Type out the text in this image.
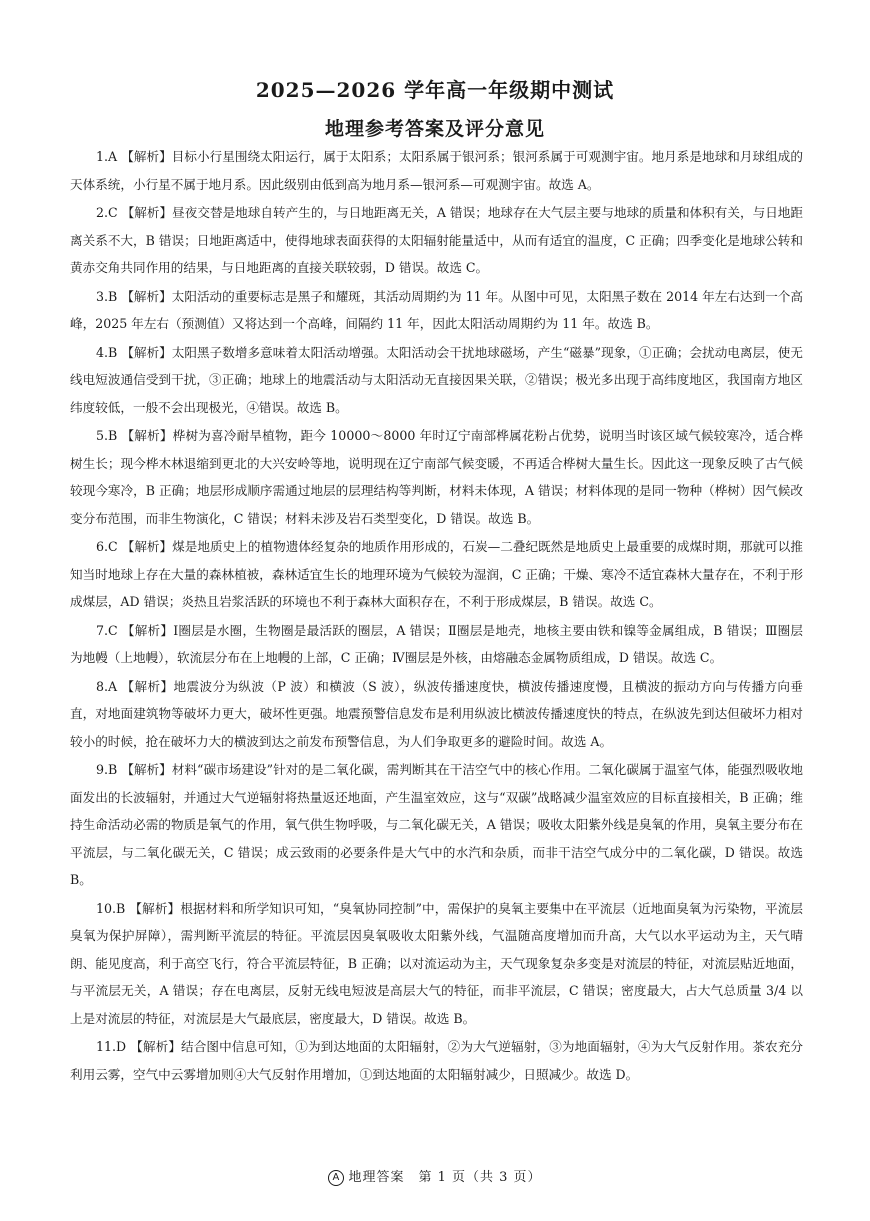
2025—2026 学年高一年级期中测试
地理参考答案及评分意见

1.A 【解析】目标小行星围绕太阳运行，属于太阳系；太阳系属于银河系；银河系属于可观测宇宙。地月系是地球和月球组成的天体系统，小行星不属于地月系。因此级别由低到高为地月系—银河系—可观测宇宙。故选 A。

2.C 【解析】昼夜交替是地球自转产生的，与日地距离无关，A 错误；地球存在大气层主要与地球的质量和体积有关，与日地距离关系不大，B 错误；日地距离适中，使得地球表面获得的太阳辐射能量适中，从而有适宜的温度，C 正确；四季变化是地球公转和黄赤交角共同作用的结果，与日地距离的直接关联较弱，D 错误。故选 C。

3.B 【解析】太阳活动的重要标志是黑子和耀斑，其活动周期约为 11 年。从图中可见，太阳黑子数在 2014 年左右达到一个高峰，2025 年左右（预测值）又将达到一个高峰，间隔约 11 年，因此太阳活动周期约为 11 年。故选 B。

4.B 【解析】太阳黑子数增多意味着太阳活动增强。太阳活动会干扰地球磁场，产生“磁暴”现象，①正确；会扰动电离层，使无线电短波通信受到干扰，③正确；地球上的地震活动与太阳活动无直接因果关联，②错误；极光多出现于高纬度地区，我国南方地区纬度较低，一般不会出现极光，④错误。故选 B。

5.B 【解析】桦树为喜冷耐旱植物，距今 10000～8000 年时辽宁南部桦属花粉占优势，说明当时该区域气候较寒冷，适合桦树生长；现今桦木林退缩到更北的大兴安岭等地，说明现在辽宁南部气候变暖，不再适合桦树大量生长。因此这一现象反映了古气候较现今寒冷，B 正确；地层形成顺序需通过地层的层理结构等判断，材料未体现，A 错误；材料体现的是同一物种（桦树）因气候改变分布范围，而非生物演化，C 错误；材料未涉及岩石类型变化，D 错误。故选 B。

6.C 【解析】煤是地质史上的植物遗体经复杂的地质作用形成的，石炭—二叠纪既然是地质史上最重要的成煤时期，那就可以推知当时地球上存在大量的森林植被，森林适宜生长的地理环境为气候较为湿润，C 正确；干燥、寒冷不适宜森林大量存在，不利于形成煤层，AD 错误；炎热且岩浆活跃的环境也不利于森林大面积存在，不利于形成煤层，B 错误。故选 C。

7.C 【解析】Ⅰ圈层是水圈，生物圈是最活跃的圈层，A 错误；Ⅱ圈层是地壳，地核主要由铁和镍等金属组成，B 错误；Ⅲ圈层为地幔（上地幔），软流层分布在上地幔的上部，C 正确；Ⅳ圈层是外核，由熔融态金属物质组成，D 错误。故选 C。

8.A 【解析】地震波分为纵波（P 波）和横波（S 波），纵波传播速度快，横波传播速度慢，且横波的振动方向与传播方向垂直，对地面建筑物等破坏力更大，破坏性更强。地震预警信息发布是利用纵波比横波传播速度快的特点，在纵波先到达但破坏力相对较小的时候，抢在破坏力大的横波到达之前发布预警信息，为人们争取更多的避险时间。故选 A。

9.B 【解析】材料“碳市场建设”针对的是二氧化碳，需判断其在干洁空气中的核心作用。二氧化碳属于温室气体，能强烈吸收地面发出的长波辐射，并通过大气逆辐射将热量返还地面，产生温室效应，这与“双碳”战略减少温室效应的目标直接相关，B 正确；维持生命活动必需的物质是氧气的作用，氧气供生物呼吸，与二氧化碳无关，A 错误；吸收太阳紫外线是臭氧的作用，臭氧主要分布在平流层，与二氧化碳无关，C 错误；成云致雨的必要条件是大气中的水汽和杂质，而非干洁空气成分中的二氧化碳，D 错误。故选 B。

10.B 【解析】根据材料和所学知识可知，“臭氧协同控制”中，需保护的臭氧主要集中在平流层（近地面臭氧为污染物，平流层臭氧为保护屏障），需判断平流层的特征。平流层因臭氧吸收太阳紫外线，气温随高度增加而升高，大气以水平运动为主，天气晴朗、能见度高，利于高空飞行，符合平流层特征，B 正确；以对流运动为主，天气现象复杂多变是对流层的特征，对流层贴近地面，与平流层无关，A 错误；存在电离层，反射无线电短波是高层大气的特征，而非平流层，C 错误；密度最大，占大气总质量 3/4 以上是对流层的特征，对流层是大气最底层，密度最大，D 错误。故选 B。

11.D 【解析】结合图中信息可知，①为到达地面的太阳辐射，②为大气逆辐射，③为地面辐射，④为大气反射作用。茶农充分利用云雾，空气中云雾增加则④大气反射作用增加，①到达地面的太阳辐射减少，日照减少。故选 D。

A 地理答案　第 1 页（共 3 页）
